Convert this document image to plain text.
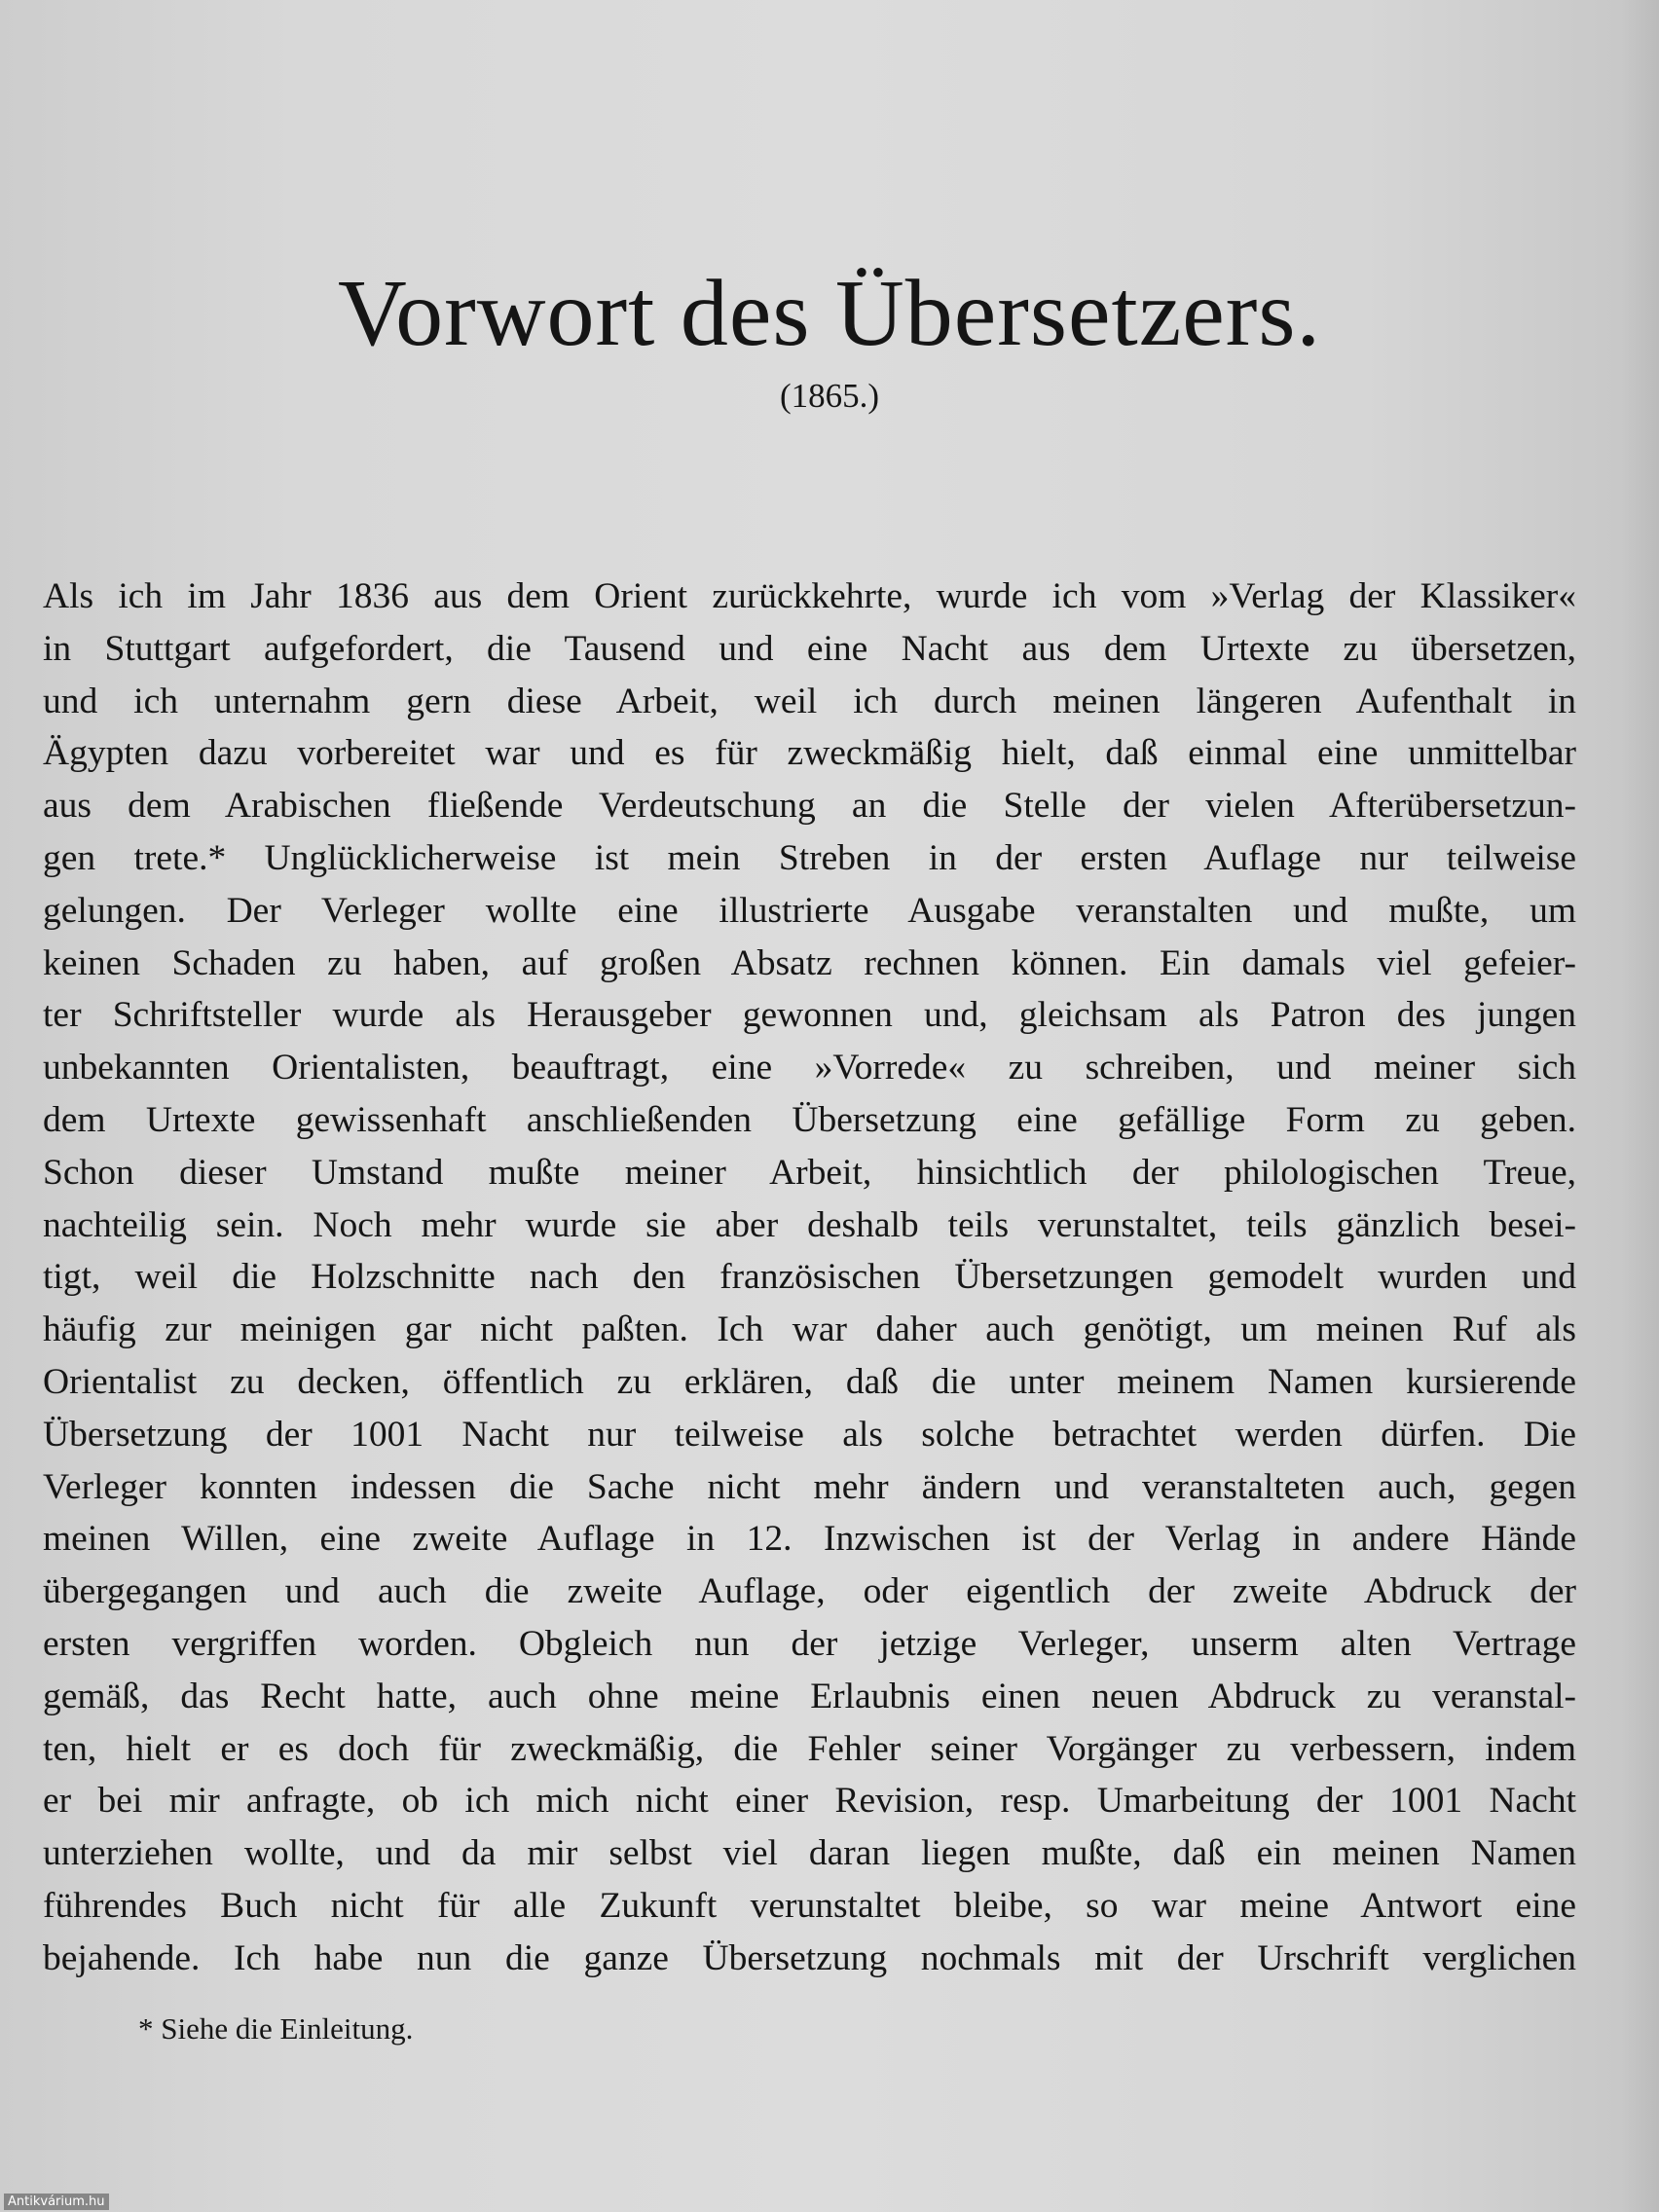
Vorwort des Übersetzers.
(1865.)
Als ich im Jahr 1836 aus dem Orient zurückkehrte, wurde ich vom »Verlag der Klassiker«
in Stuttgart aufgefordert, die Tausend und eine Nacht aus dem Urtexte zu übersetzen,
und ich unternahm gern diese Arbeit, weil ich durch meinen längeren Aufenthalt in
Ägypten dazu vorbereitet war und es für zweckmäßig hielt, daß einmal eine unmittelbar
aus dem Arabischen fließende Verdeutschung an die Stelle der vielen Afterübersetzun-
gen trete.* Unglücklicherweise ist mein Streben in der ersten Auflage nur teilweise
gelungen. Der Verleger wollte eine illustrierte Ausgabe veranstalten und mußte, um
keinen Schaden zu haben, auf großen Absatz rechnen können. Ein damals viel gefeier-
ter Schriftsteller wurde als Herausgeber gewonnen und, gleichsam als Patron des jungen
unbekannten Orientalisten, beauftragt, eine »Vorrede« zu schreiben, und meiner sich
dem Urtexte gewissenhaft anschließenden Übersetzung eine gefällige Form zu geben.
Schon dieser Umstand mußte meiner Arbeit, hinsichtlich der philologischen Treue,
nachteilig sein. Noch mehr wurde sie aber deshalb teils verunstaltet, teils gänzlich besei-
tigt, weil die Holzschnitte nach den französischen Übersetzungen gemodelt wurden und
häufig zur meinigen gar nicht paßten. Ich war daher auch genötigt, um meinen Ruf als
Orientalist zu decken, öffentlich zu erklären, daß die unter meinem Namen kursierende
Übersetzung der 1001 Nacht nur teilweise als solche betrachtet werden dürfen. Die
Verleger konnten indessen die Sache nicht mehr ändern und veranstalteten auch, gegen
meinen Willen, eine zweite Auflage in 12. Inzwischen ist der Verlag in andere Hände
übergegangen und auch die zweite Auflage, oder eigentlich der zweite Abdruck der
ersten vergriffen worden. Obgleich nun der jetzige Verleger, unserm alten Vertrage
gemäß, das Recht hatte, auch ohne meine Erlaubnis einen neuen Abdruck zu veranstal-
ten, hielt er es doch für zweckmäßig, die Fehler seiner Vorgänger zu verbessern, indem
er bei mir anfragte, ob ich mich nicht einer Revision, resp. Umarbeitung der 1001 Nacht
unterziehen wollte, und da mir selbst viel daran liegen mußte, daß ein meinen Namen
führendes Buch nicht für alle Zukunft verunstaltet bleibe, so war meine Antwort eine
bejahende. Ich habe nun die ganze Übersetzung nochmals mit der Urschrift verglichen
* Siehe die Einleitung.
Antikvárium.hu
